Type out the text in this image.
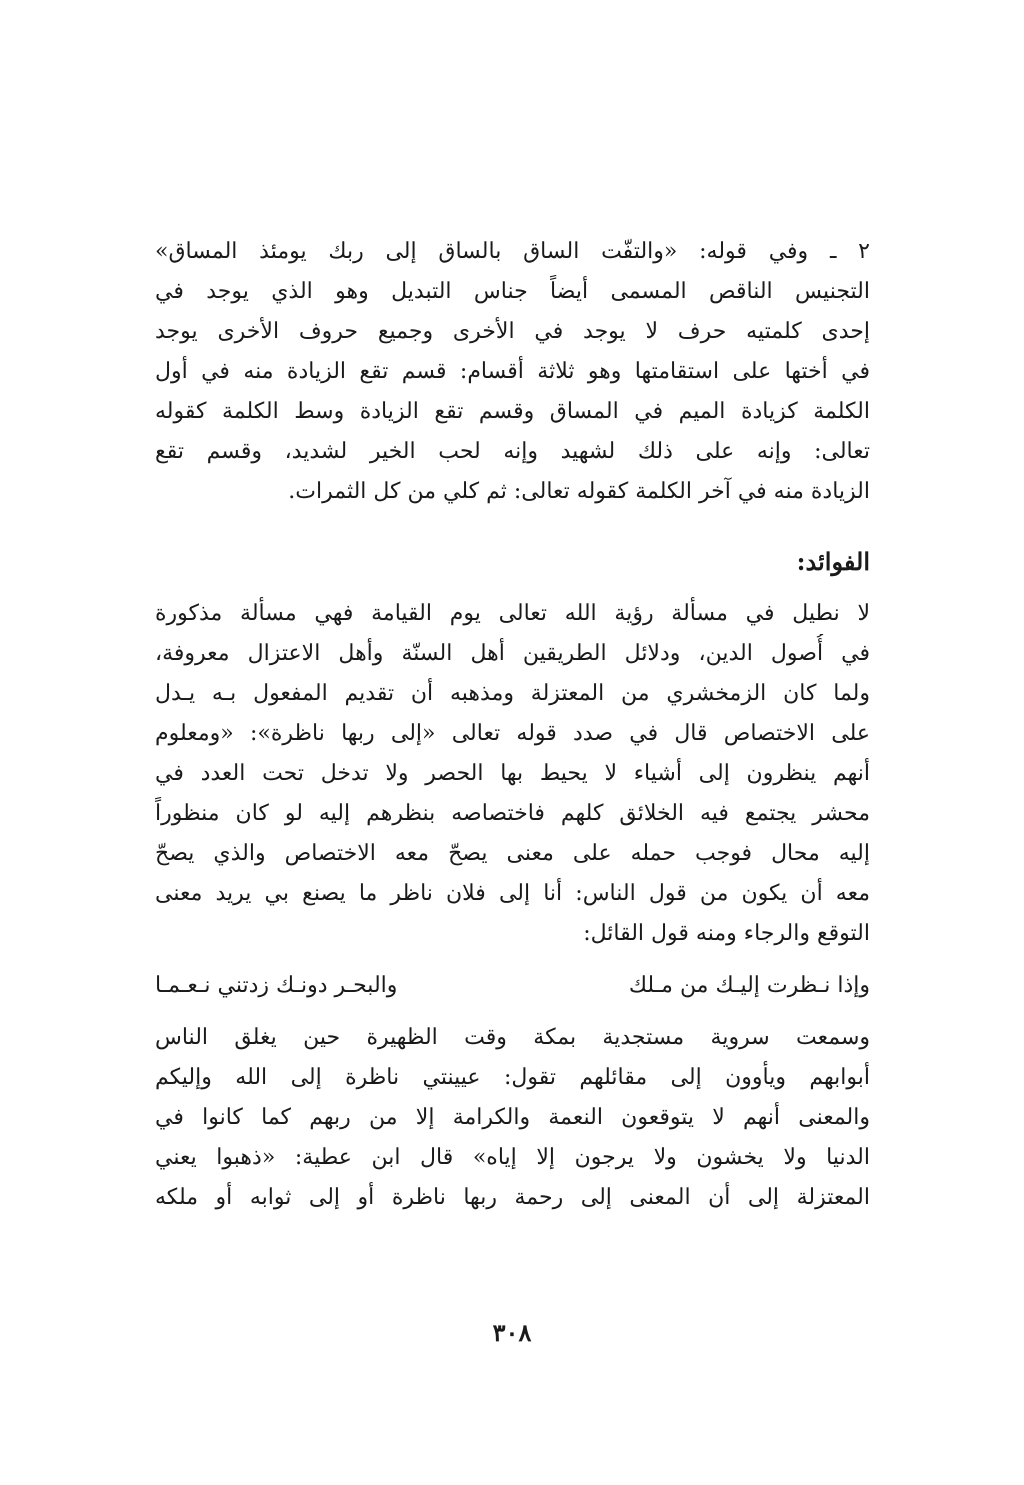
٢ ـ وفي قوله: «والتفّت الساق بالساق إلى ربك يومئذ المساق»
التجنيس الناقص المسمى أيضاً جناس التبديل وهو الذي يوجد في
إحدى كلمتيه حرف لا يوجد في الأخرى وجميع حروف الأخرى يوجد
في أختها على استقامتها وهو ثلاثة أقسام: قسم تقع الزيادة منه في أول
الكلمة كزيادة الميم في المساق وقسم تقع الزيادة وسط الكلمة كقوله
تعالى: وإنه على ذلك لشهيد وإنه لحب الخير لشديد، وقسم تقع
الزيادة منه في آخر الكلمة كقوله تعالى: ثم كلي من كل الثمرات.
الفوائد:
لا نطيل في مسألة رؤية الله تعالى يوم القيامة فهي مسألة مذكورة
في أُصول الدين، ودلائل الطريقين أهل السنّة وأهل الاعتزال معروفة،
ولما كان الزمخشري من المعتزلة ومذهبه أن تقديم المفعول بـه يـدل
على الاختصاص قال في صدد قوله تعالى «إلى ربها ناظرة»: «ومعلوم
أنهم ينظرون إلى أشياء لا يحيط بها الحصر ولا تدخل تحت العدد في
محشر يجتمع فيه الخلائق كلهم فاختصاصه بنظرهم إليه لو كان منظوراً
إليه محال فوجب حمله على معنى يصحّ معه الاختصاص والذي يصحّ
معه أن يكون من قول الناس: أنا إلى فلان ناظر ما يصنع بي يريد معنى
التوقع والرجاء ومنه قول القائل:
وإذا نـظرت إليـك من مـلك
والبحـر دونـك زدتني نـعـمـا
وسمعت سروية مستجدية بمكة وقت الظهيرة حين يغلق الناس
أبوابهم ويأوون إلى مقائلهم تقول: عيينتي ناظرة إلى الله وإليكم
والمعنى أنهم لا يتوقعون النعمة والكرامة إلا من ربهم كما كانوا في
الدنيا ولا يخشون ولا يرجون إلا إياه» قال ابن عطية: «ذهبوا يعني
المعتزلة إلى أن المعنى إلى رحمة ربها ناظرة أو إلى ثوابه أو ملكه
٣٠٨
